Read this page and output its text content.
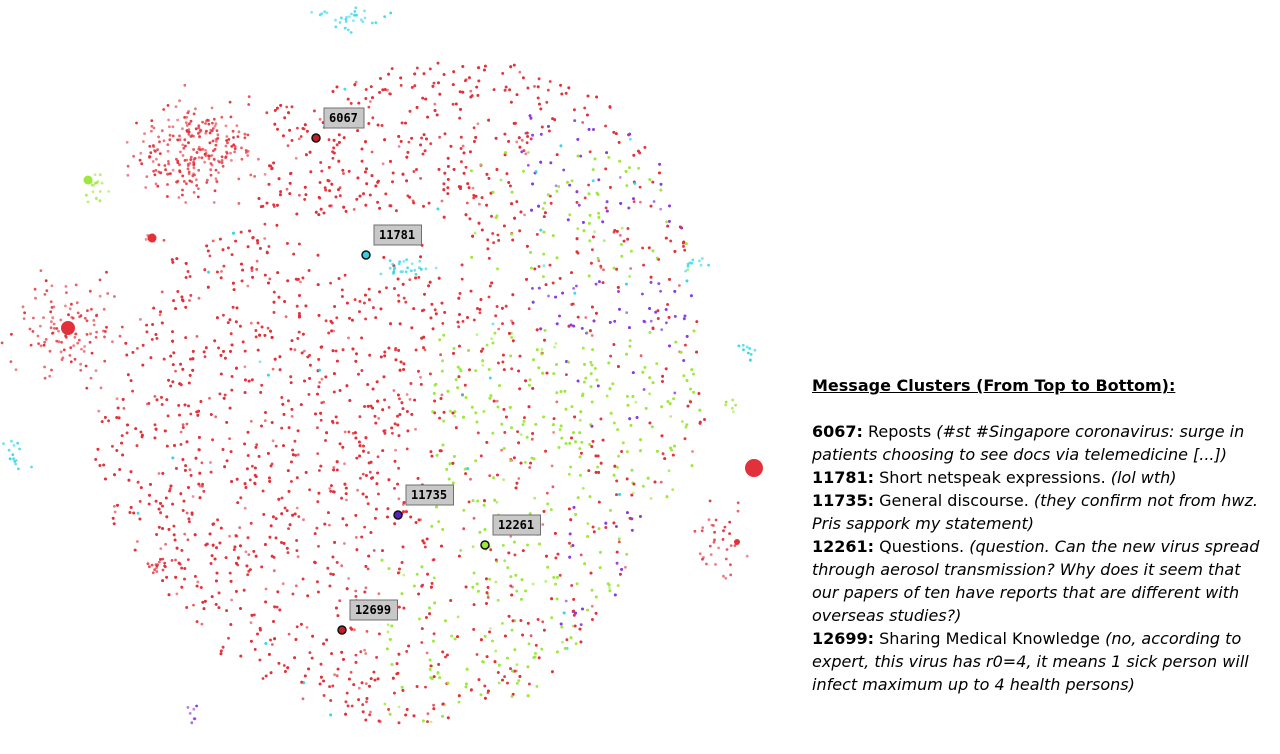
6067
11781
11735
12261
12699
Message Clusters (From Top to Bottom):
6067: Reposts (#st #Singapore coronavirus: surge in patients choosing to see docs via telemedicine [...])
11781: Short netspeak expressions. (lol wth)
11735: General discourse. (they confirm not from hwz. Pris sappork my statement)
12261: Questions. (question. Can the new virus spread through aerosol transmission? Why does it seem that our papers of ten have reports that are different with overseas studies?)
12699: Sharing Medical Knowledge (no, according to expert, this virus has r0=4, it means 1 sick person will infect maximum up to 4 health persons)
